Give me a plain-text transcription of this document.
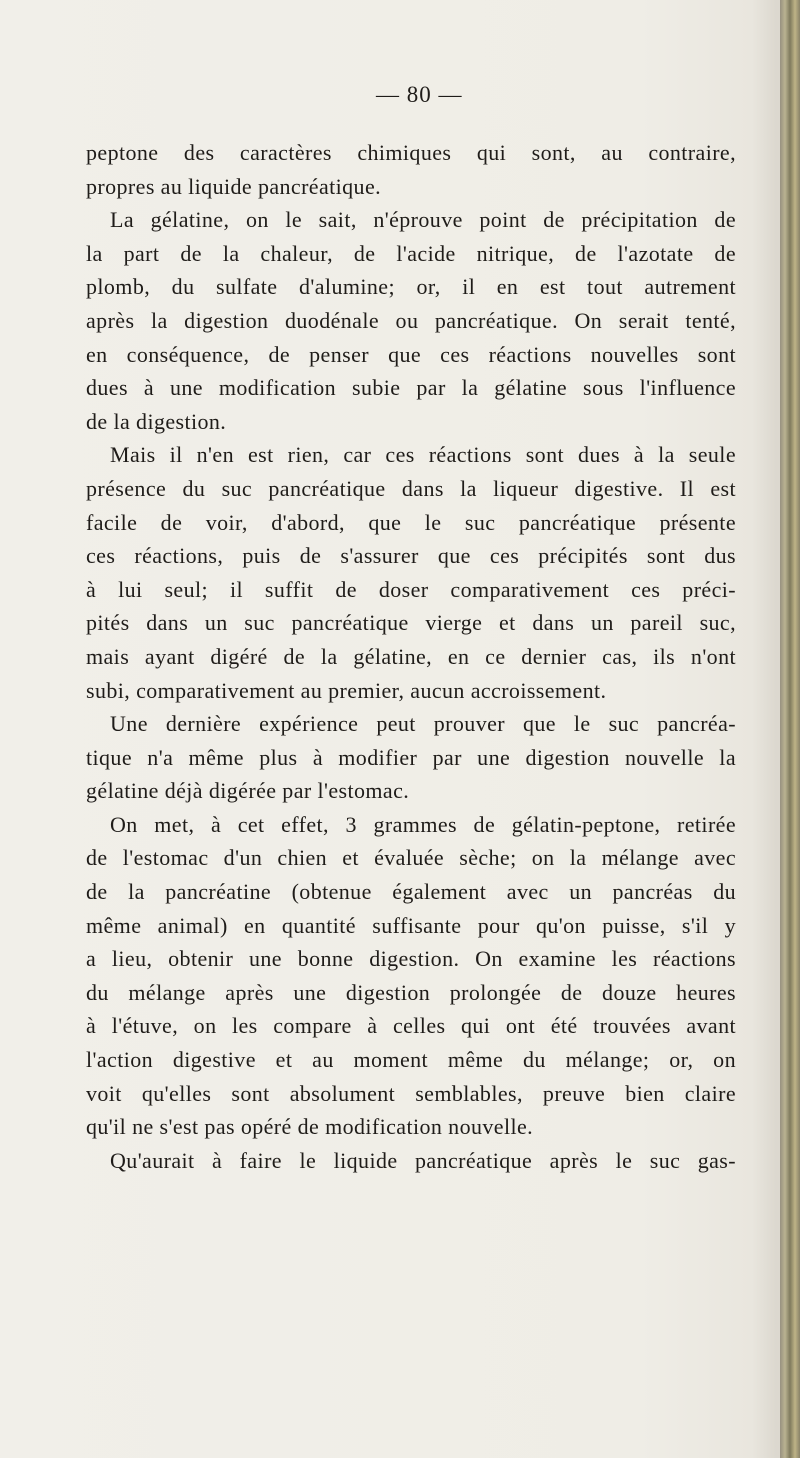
— 80 —
peptone des caractères chimiques qui sont, au contraire,
propres au liquide pancréatique.
La gélatine, on le sait, n'éprouve point de précipitation de
la part de la chaleur, de l'acide nitrique, de l'azotate de
plomb, du sulfate d'alumine; or, il en est tout autrement
après la digestion duodénale ou pancréatique. On serait tenté,
en conséquence, de penser que ces réactions nouvelles sont
dues à une modification subie par la gélatine sous l'influence
de la digestion.
Mais il n'en est rien, car ces réactions sont dues à la seule
présence du suc pancréatique dans la liqueur digestive. Il est
facile de voir, d'abord, que le suc pancréatique présente
ces réactions, puis de s'assurer que ces précipités sont dus
à lui seul; il suffit de doser comparativement ces préci-
pités dans un suc pancréatique vierge et dans un pareil suc,
mais ayant digéré de la gélatine, en ce dernier cas, ils n'ont
subi, comparativement au premier, aucun accroissement.
Une dernière expérience peut prouver que le suc pancréa-
tique n'a même plus à modifier par une digestion nouvelle la
gélatine déjà digérée par l'estomac.
On met, à cet effet, 3 grammes de gélatin-peptone, retirée
de l'estomac d'un chien et évaluée sèche; on la mélange avec
de la pancréatine (obtenue également avec un pancréas du
même animal) en quantité suffisante pour qu'on puisse, s'il y
a lieu, obtenir une bonne digestion. On examine les réactions
du mélange après une digestion prolongée de douze heures
à l'étuve, on les compare à celles qui ont été trouvées avant
l'action digestive et au moment même du mélange; or, on
voit qu'elles sont absolument semblables, preuve bien claire
qu'il ne s'est pas opéré de modification nouvelle.
Qu'aurait à faire le liquide pancréatique après le suc gas-
